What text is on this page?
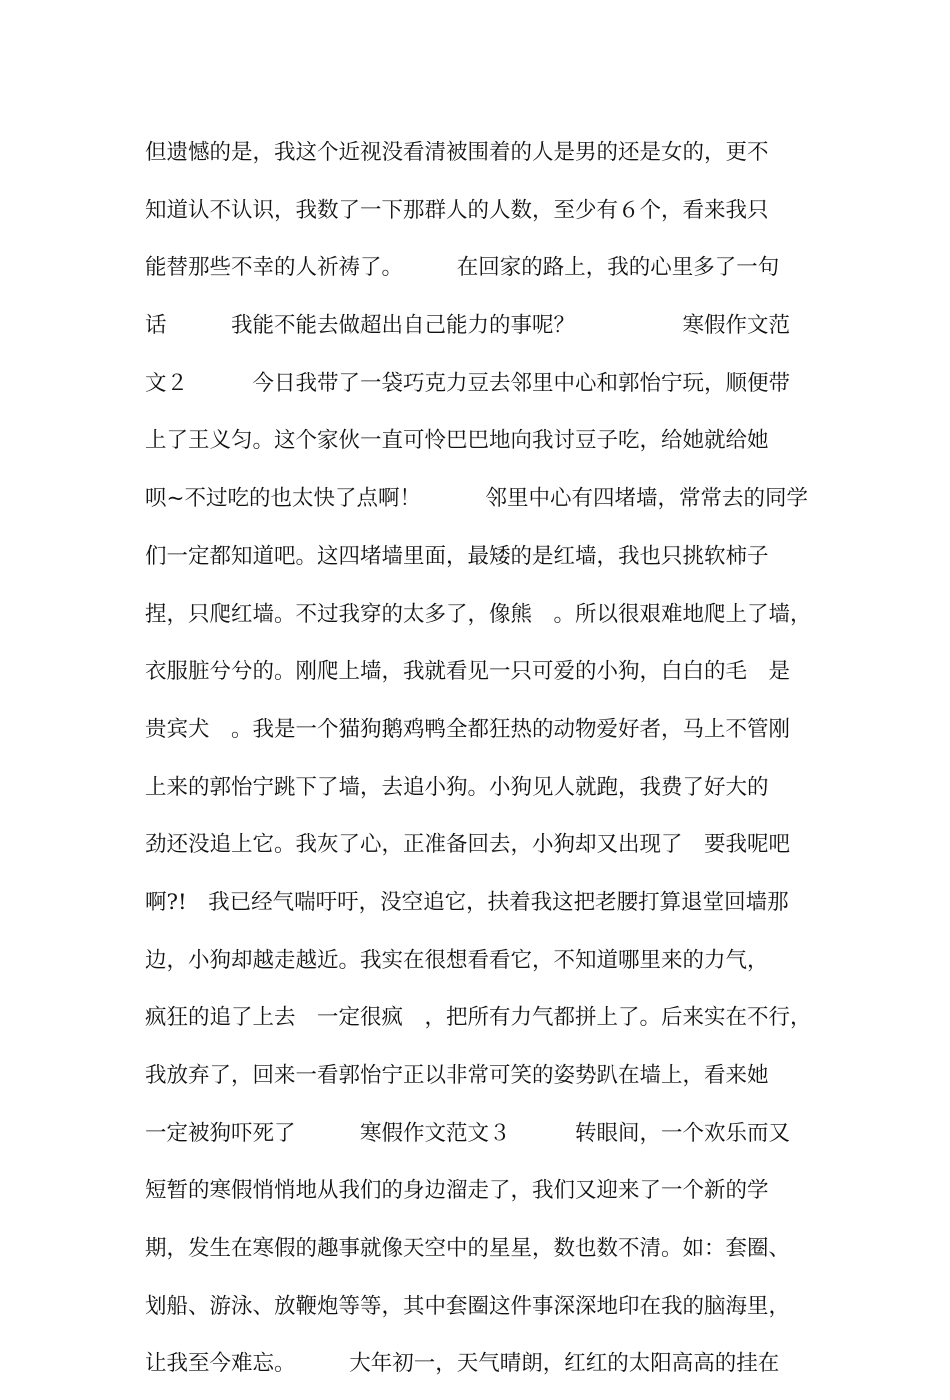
但遗憾的是，我这个近视没看清被围着的人是男的还是女的，更不
知道认不认识，我数了一下那群人的人数，至少有６个，看来我只
能替那些不幸的人祈祷了。　　　在回家的路上，我的心里多了一句
话　　　我能不能去做超出自己能力的事呢？　　　　　寒假作文范
文２　　　今日我带了一袋巧克力豆去邻里中心和郭怡宁玩，顺便带
上了王义匀。这个家伙一直可怜巴巴地向我讨豆子吃，给她就给她
呗~不过吃的也太快了点啊！　　　邻里中心有四堵墙，常常去的同学
们一定都知道吧。这四堵墙里面，最矮的是红墙，我也只挑软柿子
捏，只爬红墙。不过我穿的太多了，像熊　。所以很艰难地爬上了墙，
衣服脏兮兮的。刚爬上墙，我就看见一只可爱的小狗，白白的毛　是
贵宾犬　。我是一个猫狗鹅鸡鸭全都狂热的动物爱好者，马上不管刚
上来的郭怡宁跳下了墙，去追小狗。小狗见人就跑，我费了好大的
劲还没追上它。我灰了心，正准备回去，小狗却又出现了　要我呢吧
啊?!　我已经气喘吁吁，没空追它，扶着我这把老腰打算退堂回墙那
边，小狗却越走越近。我实在很想看看它，不知道哪里来的力气，
疯狂的追了上去　一定很疯　，把所有力气都拼上了。后来实在不行，
我放弃了，回来一看郭怡宁正以非常可笑的姿势趴在墙上，看来她
一定被狗吓死了　　　寒假作文范文３　　　转眼间，一个欢乐而又
短暂的寒假悄悄地从我们的身边溜走了，我们又迎来了一个新的学
期，发生在寒假的趣事就像天空中的星星，数也数不清。如：套圈、
划船、游泳、放鞭炮等等，其中套圈这件事深深地印在我的脑海里，
让我至今难忘。　　　大年初一，天气晴朗，红红的太阳高高的挂在
